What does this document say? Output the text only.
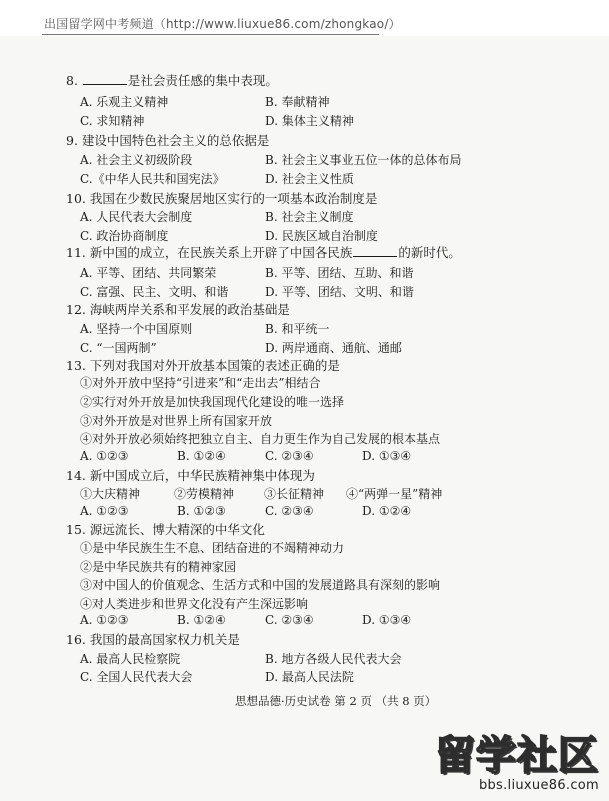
出国留学网中考频道（http://www.liuxue86.com/zhongkao/）
8.	是社会责任感的集中表现。
A. 乐观主义精神	B. 奉献精神
C. 求知精神	D. 集体主义精神
9. 建设中国特色社会主义的总依据是
A. 社会主义初级阶段	B. 社会主义事业五位一体的总体布局
C.《中华人民共和国宪法》	D. 社会主义性质
10. 我国在少数民族聚居地区实行的一项基本政治制度是
A. 人民代表大会制度	B. 社会主义制度
C. 政治协商制度	D. 民族区域自治制度
11. 新中国的成立，在民族关系上开辟了中国各民族	的新时代。
A. 平等、团结、共同繁荣	B. 平等、团结、互助、和谐
C. 富强、民主、文明、和谐	D. 平等、团结、文明、和谐
12. 海峡两岸关系和平发展的政治基础是
A. 坚持一个中国原则	B. 和平统一
C. “一国两制”	D. 两岸通商、通航、通邮
13. 下列对我国对外开放基本国策的表述正确的是
①对外开放中坚持“引进来”和“走出去”相结合
②实行对外开放是加快我国现代化建设的唯一选择
③对外开放是对世界上所有国家开放
④对外开放必须始终把独立自主、自力更生作为自己发展的根本基点
A. ①②③	B. ①②④	C. ②③④	D. ①③④
14. 新中国成立后，中华民族精神集中体现为
①大庆精神	②劳模精神 ③长征精神 ④“两弹一星”精神
A. ①②③	B. ①②③	C. ②③④	D. ①②④
15. 源远流长、博大精深的中华文化
①是中华民族生生不息、团结奋进的不竭精神动力
②是中华民族共有的精神家园
③对中国人的价值观念、生活方式和中国的发展道路具有深刻的影响
④对人类进步和世界文化没有产生深远影响
A. ①②③	B. ①②④	C. ②③④	D. ①③④
16. 我国的最高国家权力机关是
A. 最高人民检察院	B. 地方各级人民代表大会
C. 全国人民代表大会	D. 最高人民法院
思想品德·历史试卷 第 2 页 （共 8 页）
留学社区
bbs.liuxue86.com
